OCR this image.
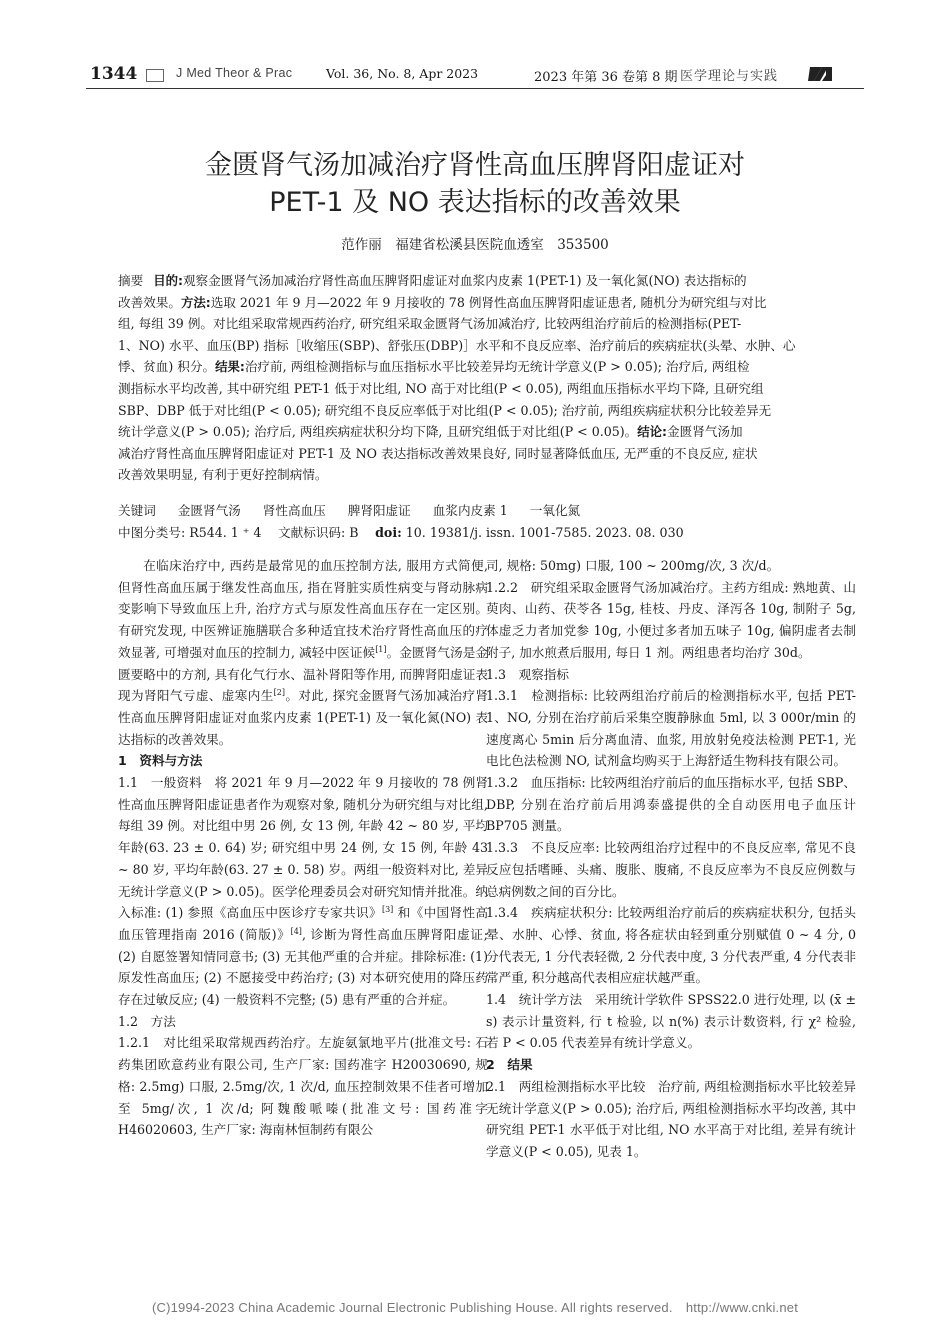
1344	J Med Theor & Prac	Vol. 36, No. 8, Apr 2023	2023 年第 36 卷第 8 期 医学理论与实践
金匮肾气汤加减治疗肾性高血压脾肾阳虚证对
PET-1 及 NO 表达指标的改善效果
范作丽　福建省松溪县医院血透室　353500
摘要 目的:观察金匮肾气汤加减治疗肾性高血压脾肾阳虚证对血浆内皮素 1(PET-1) 及一氧化氮(NO) 表达指标的
改善效果。方法:选取 2021 年 9 月—2022 年 9 月接收的 78 例肾性高血压脾肾阳虚证患者, 随机分为研究组与对比
组, 每组 39 例。对比组采取常规西药治疗, 研究组采取金匮肾气汤加减治疗, 比较两组治疗前后的检测指标(PET-
1、NO) 水平、血压(BP) 指标［收缩压(SBP)、舒张压(DBP)］水平和不良反应率、治疗前后的疾病症状(头晕、水肿、心
悸、贫血) 积分。结果:治疗前, 两组检测指标与血压指标水平比较差异均无统计学意义(P > 0.05); 治疗后, 两组检
测指标水平均改善, 其中研究组 PET-1 低于对比组, NO 高于对比组(P < 0.05), 两组血压指标水平均下降, 且研究组
SBP、DBP 低于对比组(P < 0.05); 研究组不良反应率低于对比组(P < 0.05); 治疗前, 两组疾病症状积分比较差异无
统计学意义(P > 0.05); 治疗后, 两组疾病症状积分均下降, 且研究组低于对比组(P < 0.05)。结论:金匮肾气汤加
减治疗肾性高血压脾肾阳虚证对 PET-1 及 NO 表达指标改善效果良好, 同时显著降低血压, 无严重的不良反应, 症状
改善效果明显, 有利于更好控制病情。
关键词 金匮肾气汤 肾性高血压 脾肾阳虚证 血浆内皮素 1 一氧化氮
中图分类号: R544. 1 ⁺ 4　 文献标识码: B　 doi: 10. 19381/j. issn. 1001-7585. 2023. 08. 030

在临床治疗中, 西药是最常见的血压控制方法, 服用方式简便, 但肾性高血压属于继发性高血压, 指在肾脏实质性病变与肾动脉病变影响下导致血压上升, 治疗方式与原发性高血压存在一定区别。有研究发现, 中医辨证施膳联合多种适宜技术治疗肾性高血压的疗效显著, 可增强对血压的控制力, 减轻中医证候[1]。金匮肾气汤是金匮要略中的方剂, 具有化气行水、温补肾阳等作用, 而脾肾阳虚证表现为肾阳气亏虚、虚寒内生[2]。对此, 探究金匮肾气汤加减治疗肾性高血压脾肾阳虚证对血浆内皮素 1(PET-1) 及一氧化氮(NO) 表达指标的改善效果。

1　资料与方法

1.1　一般资料　将 2021 年 9 月—2022 年 9 月接收的 78 例肾性高血压脾肾阳虚证患者作为观察对象, 随机分为研究组与对比组, 每组 39 例。对比组中男 26 例, 女 13 例, 年龄 42 ~ 80 岁, 平均年龄(63. 23 ± 0. 64) 岁; 研究组中男 24 例, 女 15 例, 年龄 43 ~ 80 岁, 平均年龄(63. 27 ± 0. 58) 岁。两组一般资料对比, 差异无统计学意义(P > 0.05)。医学伦理委员会对研究知情并批准。纳入标准: (1) 参照《高血压中医诊疗专家共识》[3] 和《中国肾性高血压管理指南 2016 (简版)》[4], 诊断为肾性高血压脾肾阳虚证; (2) 自愿签署知情同意书; (3) 无其他严重的合并症。排除标准: (1) 原发性高血压; (2) 不愿接受中药治疗; (3) 对本研究使用的降压药存在过敏反应; (4) 一般资料不完整; (5) 患有严重的合并症。

1.2　方法

1.2.1　对比组采取常规西药治疗。左旋氨氯地平片(批准文号: 石药集团欧意药业有限公司, 生产厂家: 国药准字 H20030690, 规格: 2.5mg) 口服, 2.5mg/次, 1 次/d, 血压控制效果不佳者可增加至 5mg/次, 1 次/d; 阿魏酸哌嗪(批准文号: 国药准字 H46020603, 生产厂家: 海南林恒制药有限公

司, 规格: 50mg) 口服, 100 ~ 200mg/次, 3 次/d。

1.2.2　研究组采取金匮肾气汤加减治疗。主药方组成: 熟地黄、山萸肉、山药、茯苓各 15g, 桂枝、丹皮、泽泻各 10g, 制附子 5g, 体虚乏力者加党参 10g, 小便过多者加五味子 10g, 偏阴虚者去制附子, 加水煎煮后服用, 每日 1 剂。两组患者均治疗 30d。

1.3　观察指标

1.3.1　检测指标: 比较两组治疗前后的检测指标水平, 包括 PET-1、NO, 分别在治疗前后采集空腹静脉血 5ml, 以 3 000r/min 的速度离心 5min 后分离血清、血浆, 用放射免疫法检测 PET-1, 光电比色法检测 NO, 试剂盒均购买于上海舒适生物科技有限公司。

1.3.2　血压指标: 比较两组治疗前后的血压指标水平, 包括 SBP、DBP, 分别在治疗前后用鸿泰盛提供的全自动医用电子血压计 BP705 测量。

1.3.3　不良反应率: 比较两组治疗过程中的不良反应率, 常见不良反应包括嗜睡、头痛、腹胀、腹痛, 不良反应率为不良反应例数与总病例数之间的百分比。

1.3.4　疾病症状积分: 比较两组治疗前后的疾病症状积分, 包括头晕、水肿、心悸、贫血, 将各症状由轻到重分别赋值 0 ~ 4 分, 0 分代表无, 1 分代表轻微, 2 分代表中度, 3 分代表严重, 4 分代表非常严重, 积分越高代表相应症状越严重。

1.4　统计学方法　采用统计学软件 SPSS22.0 进行处理, 以 (x̄ ± s) 表示计量资料, 行 t 检验, 以 n(%) 表示计数资料, 行 χ² 检验, 若 P < 0.05 代表差异有统计学意义。

2　结果

2.1　两组检测指标水平比较　治疗前, 两组检测指标水平比较差异无统计学意义(P > 0.05); 治疗后, 两组检测指标水平均改善, 其中研究组 PET-1 水平低于对比组, NO 水平高于对比组, 差异有统计学意义(P < 0.05), 见表 1。

(C)1994-2023 China Academic Journal Electronic Publishing House. All rights reserved.　http://www.cnki.net
